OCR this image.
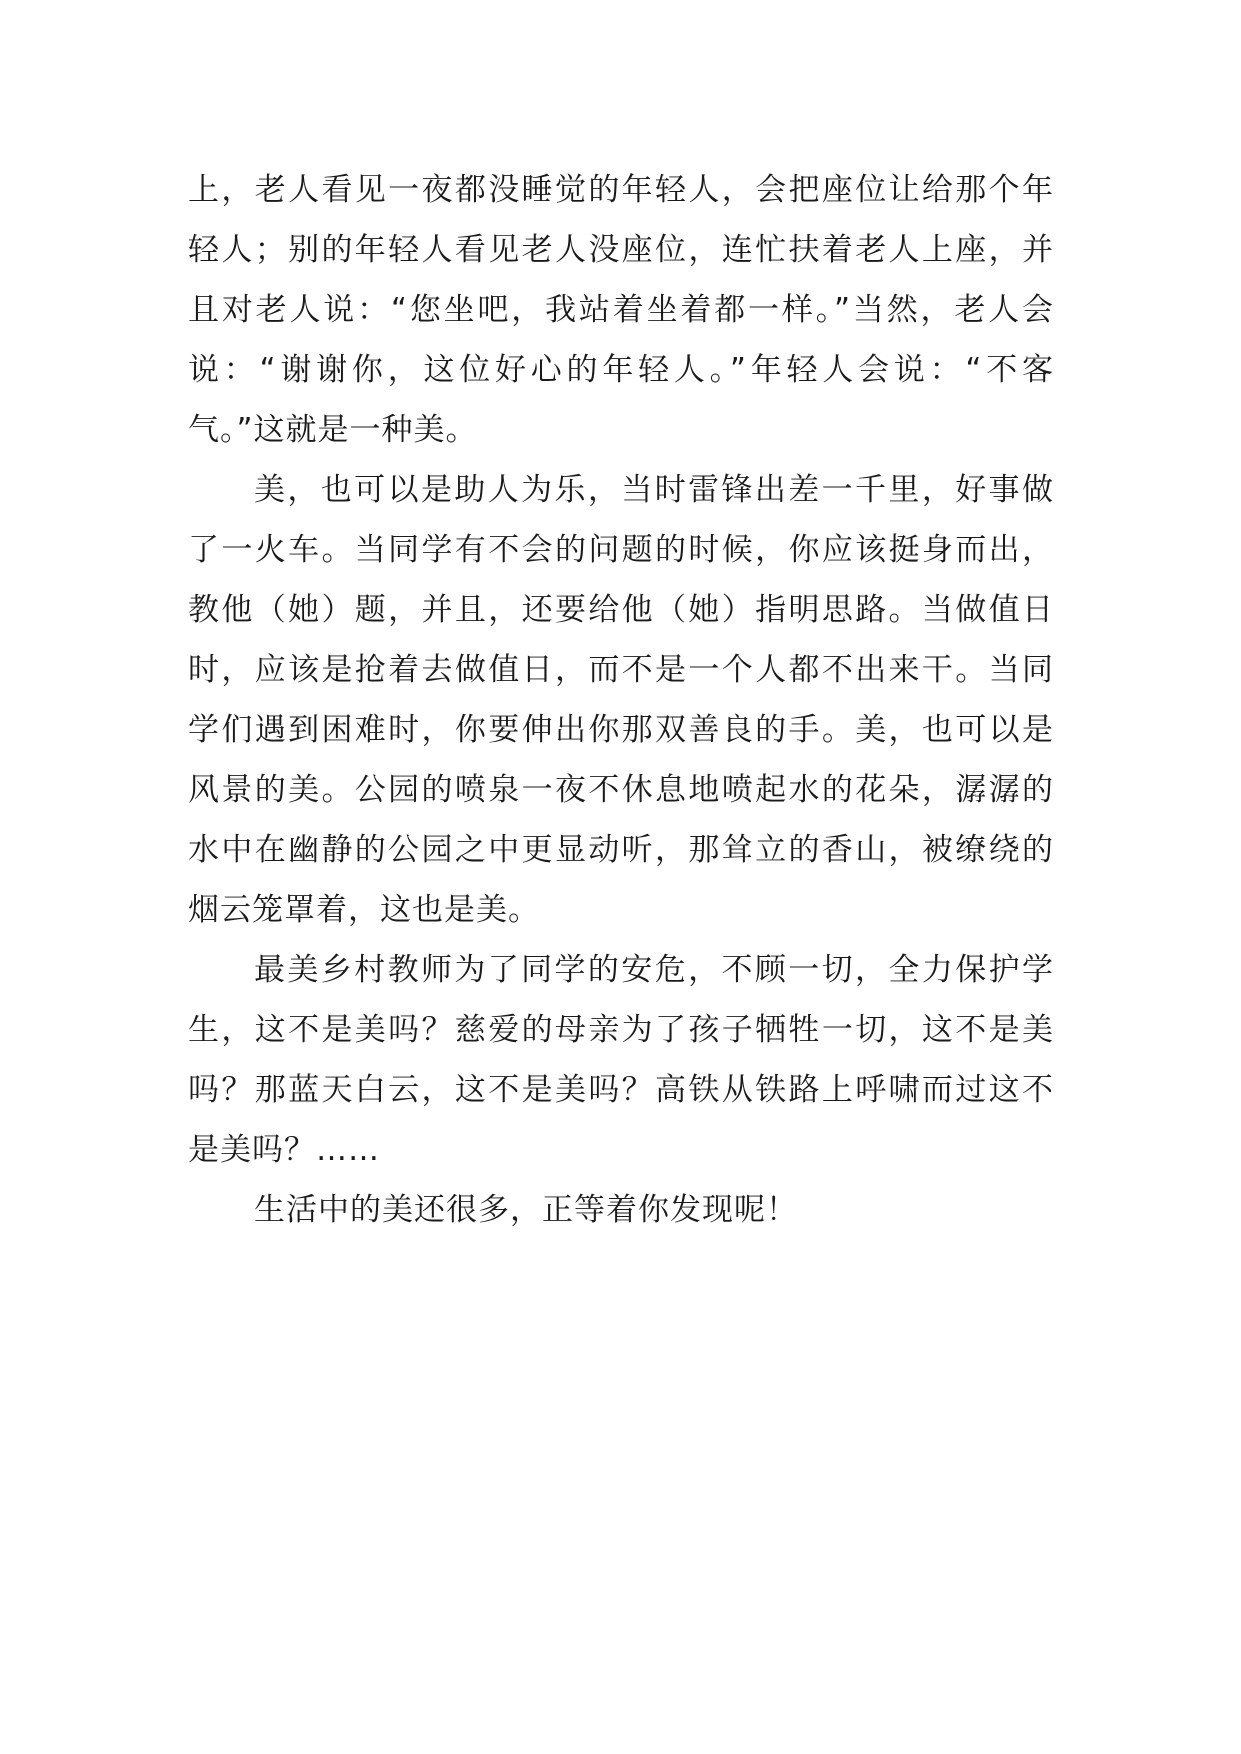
上，老人看见一夜都没睡觉的年轻人，会把座位让给那个年
轻人；别的年轻人看见老人没座位，连忙扶着老人上座，并
且对老人说：“您坐吧，我站着坐着都一样。”当然，老人会
说：“谢谢你，这位好心的年轻人。”年轻人会说：“不客
气。”这就是一种美。
美，也可以是助人为乐，当时雷锋出差一千里，好事做
了一火车。当同学有不会的问题的时候，你应该挺身而出，
教他（她）题，并且，还要给他（她）指明思路。当做值日
时，应该是抢着去做值日，而不是一个人都不出来干。当同
学们遇到困难时，你要伸出你那双善良的手。美，也可以是
风景的美。公园的喷泉一夜不休息地喷起水的花朵，潺潺的
水中在幽静的公园之中更显动听，那耸立的香山，被缭绕的
烟云笼罩着，这也是美。
最美乡村教师为了同学的安危，不顾一切，全力保护学
生，这不是美吗？慈爱的母亲为了孩子牺牲一切，这不是美
吗？那蓝天白云，这不是美吗？高铁从铁路上呼啸而过这不
是美吗？……
生活中的美还很多，正等着你发现呢！
